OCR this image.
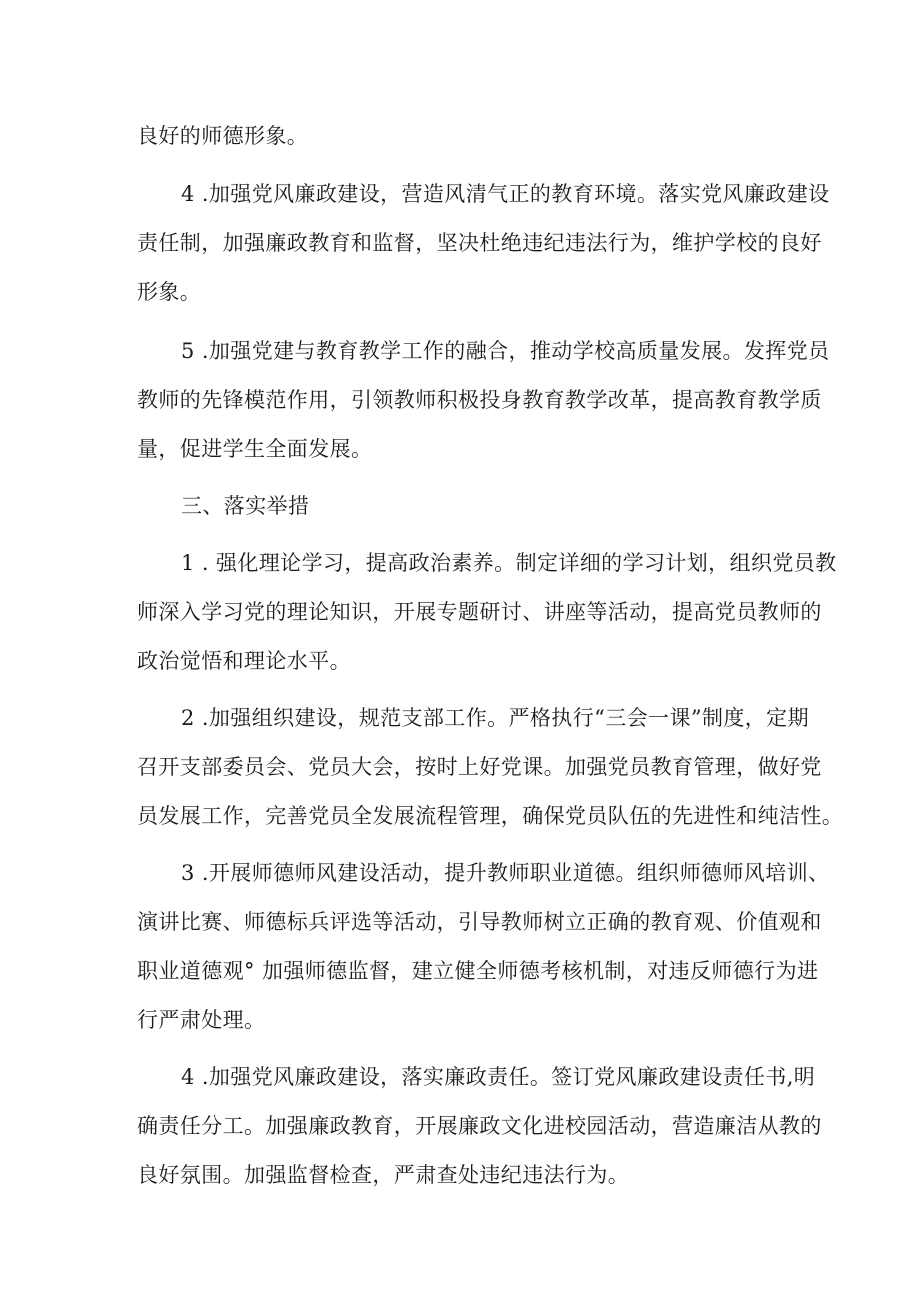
良好的师德形象。
4 .加强党风廉政建设，营造风清气正的教育环境。落实党风廉政建设
责任制，加强廉政教育和监督，坚决杜绝违纪违法行为，维护学校的良好
形象。
5 .加强党建与教育教学工作的融合，推动学校高质量发展。发挥党员
教师的先锋模范作用，引领教师积极投身教育教学改革，提高教育教学质
量，促进学生全面发展。
三、落实举措
1 . 强化理论学习，提高政治素养。制定详细的学习计划，组织党员教
师深入学习党的理论知识，开展专题研讨、讲座等活动，提高党员教师的
政治觉悟和理论水平。
2 .加强组织建设，规范支部工作。严格执行“三会一课”制度，定期
召开支部委员会、党员大会，按时上好党课。加强党员教育管理，做好党
员发展工作，完善党员全发展流程管理，确保党员队伍的先进性和纯洁性。
3 .开展师德师风建设活动，提升教师职业道德。组织师德师风培训、
演讲比赛、师德标兵评选等活动，引导教师树立正确的教育观、价值观和
职业道德观° 加强师德监督，建立健全师德考核机制，对违反师德行为进
行严肃处理。
4 .加强党风廉政建设，落实廉政责任。签订党风廉政建设责任书,明
确责任分工。加强廉政教育，开展廉政文化进校园活动，营造廉洁从教的
良好氛围。加强监督检查，严肃查处违纪违法行为。
